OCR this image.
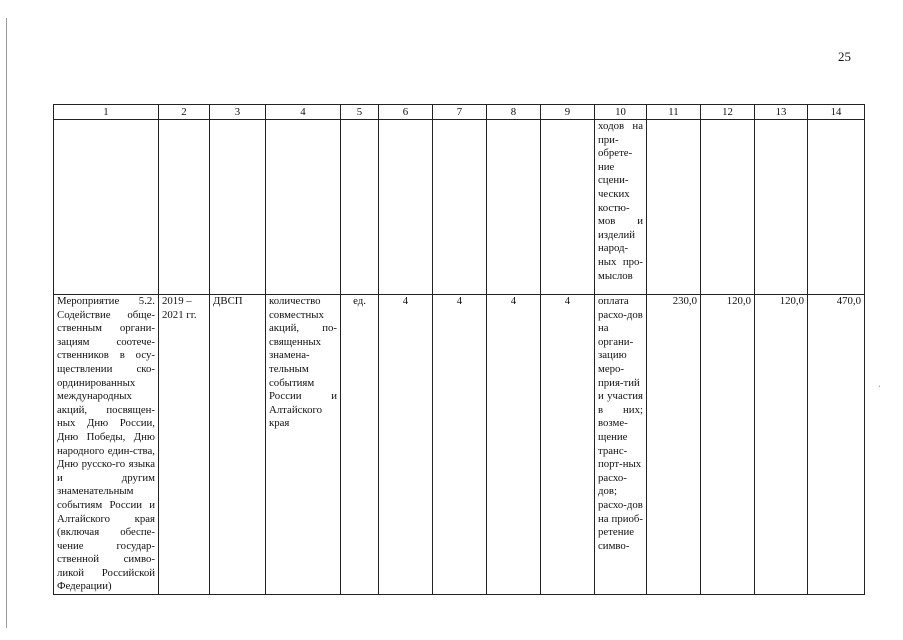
25
1	2	3	4	5	6	7	8	9	10	11	12	13	14
									ходов на при-обрете-ние сцени-ческих костю-мов и изделий народ-ных про-мыслов				
Мероприятие 5.2. Содействие обще-ственным органи-зациям соотече-ственников в осу-ществлении ско-ординированных международных акций, посвящен-ных Дню России, Дню Победы, Дню народного един-ства, Дню русско-го языка и другим знаменательным событиям России и Алтайского края (включая обеспе-чение государ-ственной симво-ликой Российской Федерации)	2019 – 2021 гг.	ДВСП	количество совместных акций, по-священных знамена-тельным событиям России и Алтайского края	ед.	4	4	4	4	оплата расхо-дов на органи-зацию меро-прия-тий и участия в них; возме-щение транс-порт-ных расхо-дов; расхо-дов на приоб-ретение симво-	230,0	120,0	120,0	470,0
ˌ
